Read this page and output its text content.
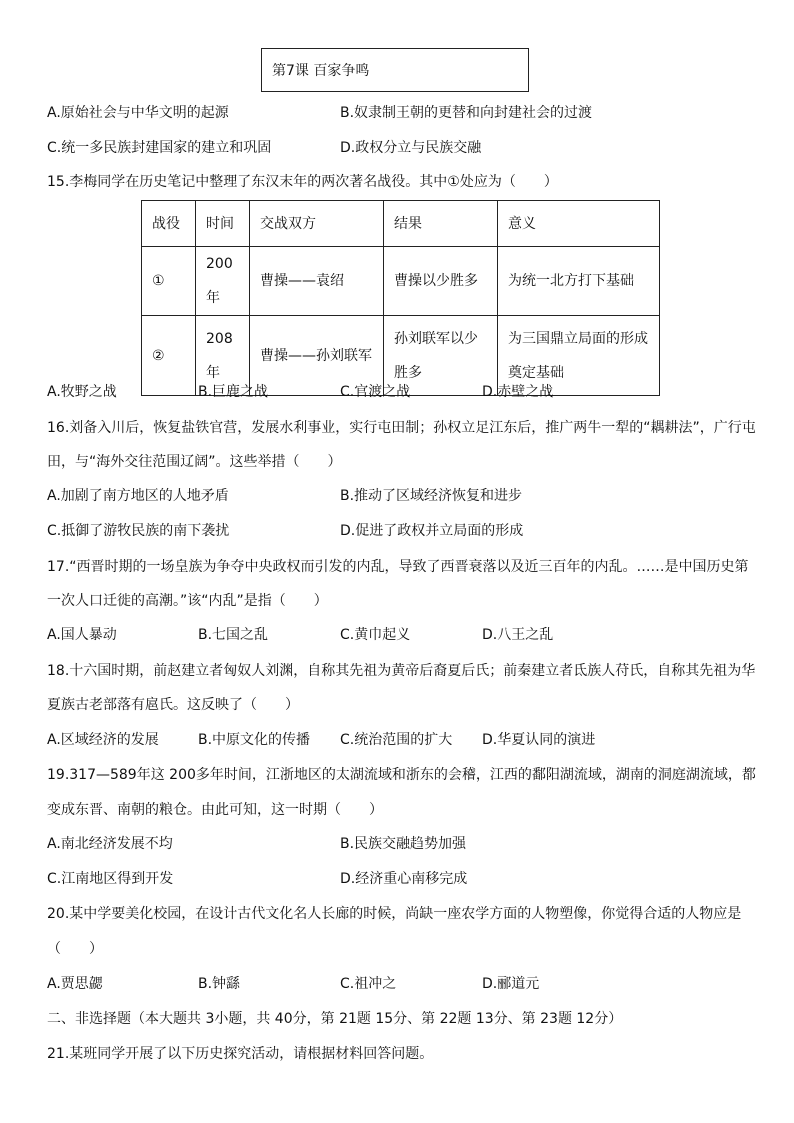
第7课 百家争鸣
A.原始社会与中华文明的起源	B.奴隶制王朝的更替和向封建社会的过渡
C.统一多民族封建国家的建立和巩固	D.政权分立与民族交融
15.李梅同学在历史笔记中整理了东汉末年的两次著名战役。其中①处应为（　　）
战役	时间	交战双方	结果	意义
①	200 年	曹操——袁绍	曹操以少胜多	为统一北方打下基础
②	208 年	曹操——孙刘联军	孙刘联军以少胜多	为三国鼎立局面的形成奠定基础
A.牧野之战	B.巨鹿之战	C.官渡之战	D.赤壁之战
16.刘备入川后，恢复盐铁官营，发展水利事业，实行屯田制；孙权立足江东后，推广两牛一犁的“耦耕法”，广行屯
田，与“海外交往范围辽阔”。这些举措（　　）
A.加剧了南方地区的人地矛盾	B.推动了区域经济恢复和进步
C.抵御了游牧民族的南下袭扰	D.促进了政权并立局面的形成
17.“西晋时期的一场皇族为争夺中央政权而引发的内乱，导致了西晋衰落以及近三百年的内乱。……是中国历史第
一次人口迁徙的高潮。”该“内乱”是指（　　）
A.国人暴动	B.七国之乱	C.黄巾起义	D.八王之乱
18.十六国时期，前赵建立者匈奴人刘渊，自称其先祖为黄帝后裔夏后氏；前秦建立者氐族人苻氏，自称其先祖为华
夏族古老部落有扈氏。这反映了（　　）
A.区域经济的发展	B.中原文化的传播 C.统治范围的扩大 D.华夏认同的演进
19.317—589年这 200多年时间，江浙地区的太湖流域和浙东的会稽，江西的鄱阳湖流域，湖南的洞庭湖流域，都
变成东晋、南朝的粮仓。由此可知，这一时期（　　）
A.南北经济发展不均	B.民族交融趋势加强
C.江南地区得到开发	D.经济重心南移完成
20.某中学要美化校园，在设计古代文化名人长廊的时候，尚缺一座农学方面的人物塑像，你觉得合适的人物应是
（　　）
A.贾思勰	B.钟繇	C.祖冲之	D.郦道元
二、非选择题（本大题共 3小题，共 40分，第 21题 15分、第 22题 13分、第 23题 12分）
21.某班同学开展了以下历史探究活动，请根据材料回答问题。
